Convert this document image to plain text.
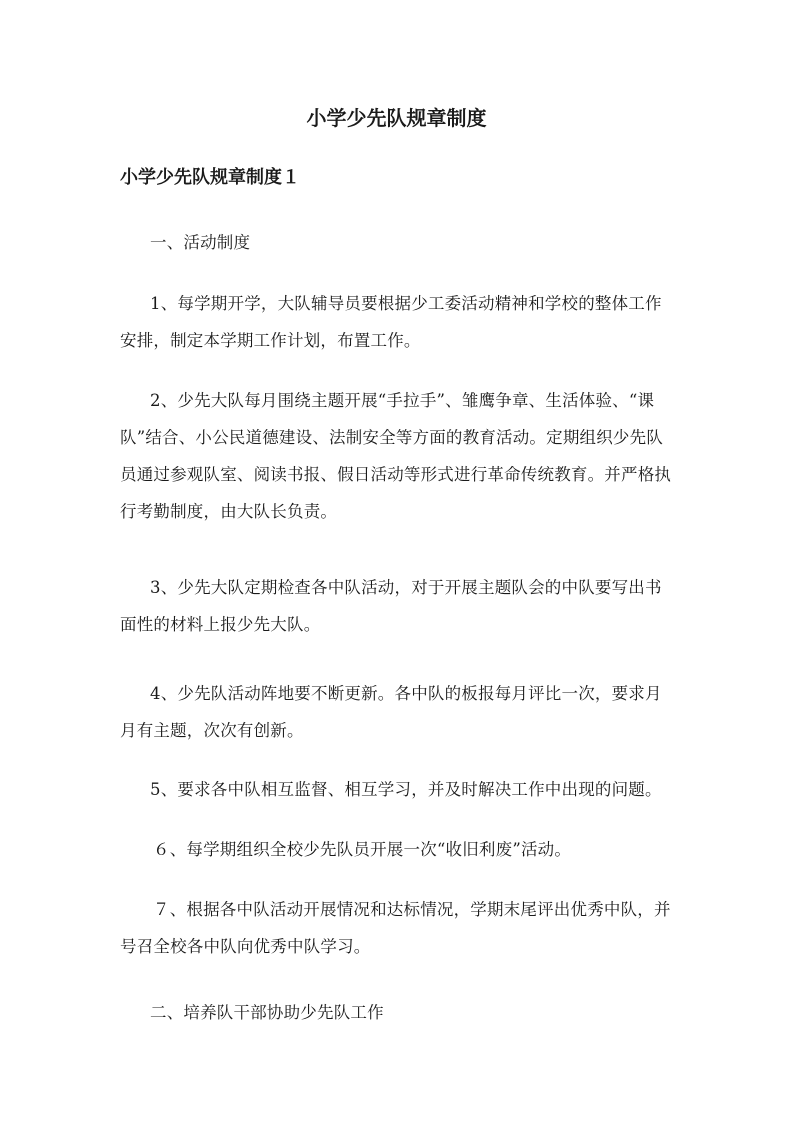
小学少先队规章制度
小学少先队规章制度１

一、活动制度

1、每学期开学，大队辅导员要根据少工委活动精神和学校的整体工作安排，制定本学期工作计划，布置工作。

2、少先大队每月围绕主题开展“手拉手”、雏鹰争章、生活体验、“课队”结合、小公民道德建设、法制安全等方面的教育活动。定期组织少先队员通过参观队室、阅读书报、假日活动等形式进行革命传统教育。并严格执行考勤制度，由大队长负责。

3、少先大队定期检查各中队活动，对于开展主题队会的中队要写出书面性的材料上报少先大队。

4、少先队活动阵地要不断更新。各中队的板报每月评比一次，要求月月有主题，次次有创新。

5、要求各中队相互监督、相互学习，并及时解决工作中出现的问题。

６、每学期组织全校少先队员开展一次“收旧利废”活动。

７、根据各中队活动开展情况和达标情况，学期末尾评出优秀中队，并号召全校各中队向优秀中队学习。

二、培养队干部协助少先队工作
